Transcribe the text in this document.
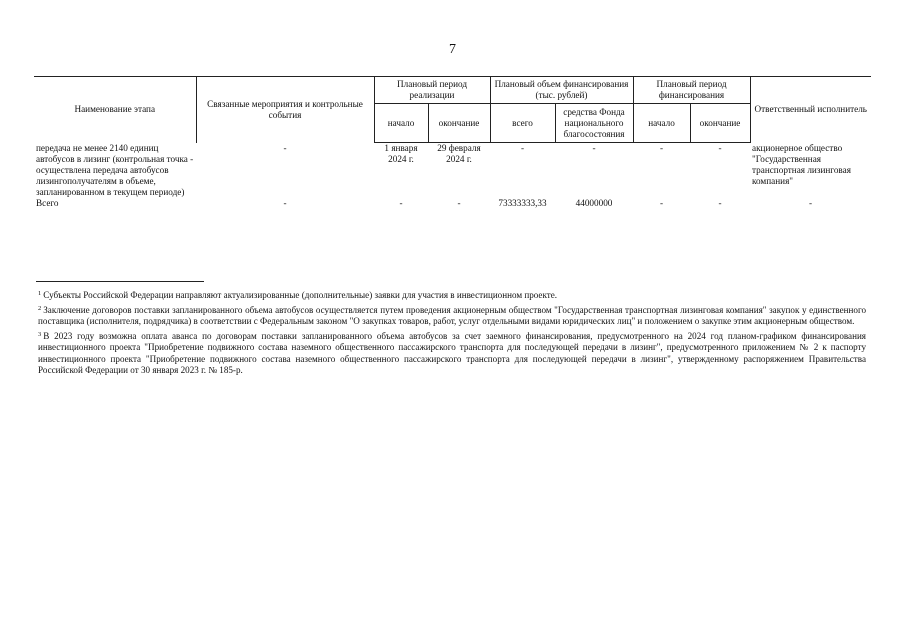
7
Наименование этапа	Связанные мероприятия и контрольные события	Плановый период реализации		Плановый объем финансирования (тыс. рублей)		Плановый период финансирования		Ответственный исполнитель
		начало	окончание	всего	средства Фонда национального благосостояния	начало	окончание	
передача не менее 2140 единиц автобусов в лизинг (контрольная точка - осуществлена передача автобусов лизингополучателям в объеме, запланированном в текущем периоде)	-	1 января 2024 г.	29 февраля 2024 г.	-	-	-	-	акционерное общество "Государственная транспортная лизинговая компания"
Всего	-	-	-	73333333,33	44000000	-	-	-

$^1$ Субъекты Российской Федерации направляют актуализированные (дополнительные) заявки для участия в инвестиционном проекте.

$^2$ Заключение договоров поставки запланированного объема автобусов осуществляется путем проведения акционерным обществом "Государственная транспортная лизинговая компания" закупок у единственного поставщика (исполнителя, подрядчика) в соответствии с Федеральным законом "О закупках товаров, работ, услуг отдельными видами юридических лиц" и положением о закупке этим акционерным обществом.

$^3$ В 2023 году возможна оплата аванса по договорам поставки запланированного объема автобусов за счет заемного финансирования, предусмотренного на 2024 год планом-графиком финансирования инвестиционного проекта "Приобретение подвижного состава наземного общественного пассажирского транспорта для последующей передачи в лизинг", предусмотренного приложением № 2 к паспорту инвестиционного проекта "Приобретение подвижного состава наземного общественного пассажирского транспорта для последующей передачи в лизинг", утвержденному распоряжением Правительства Российской Федерации от 30 января 2023 г. № 185-р.
